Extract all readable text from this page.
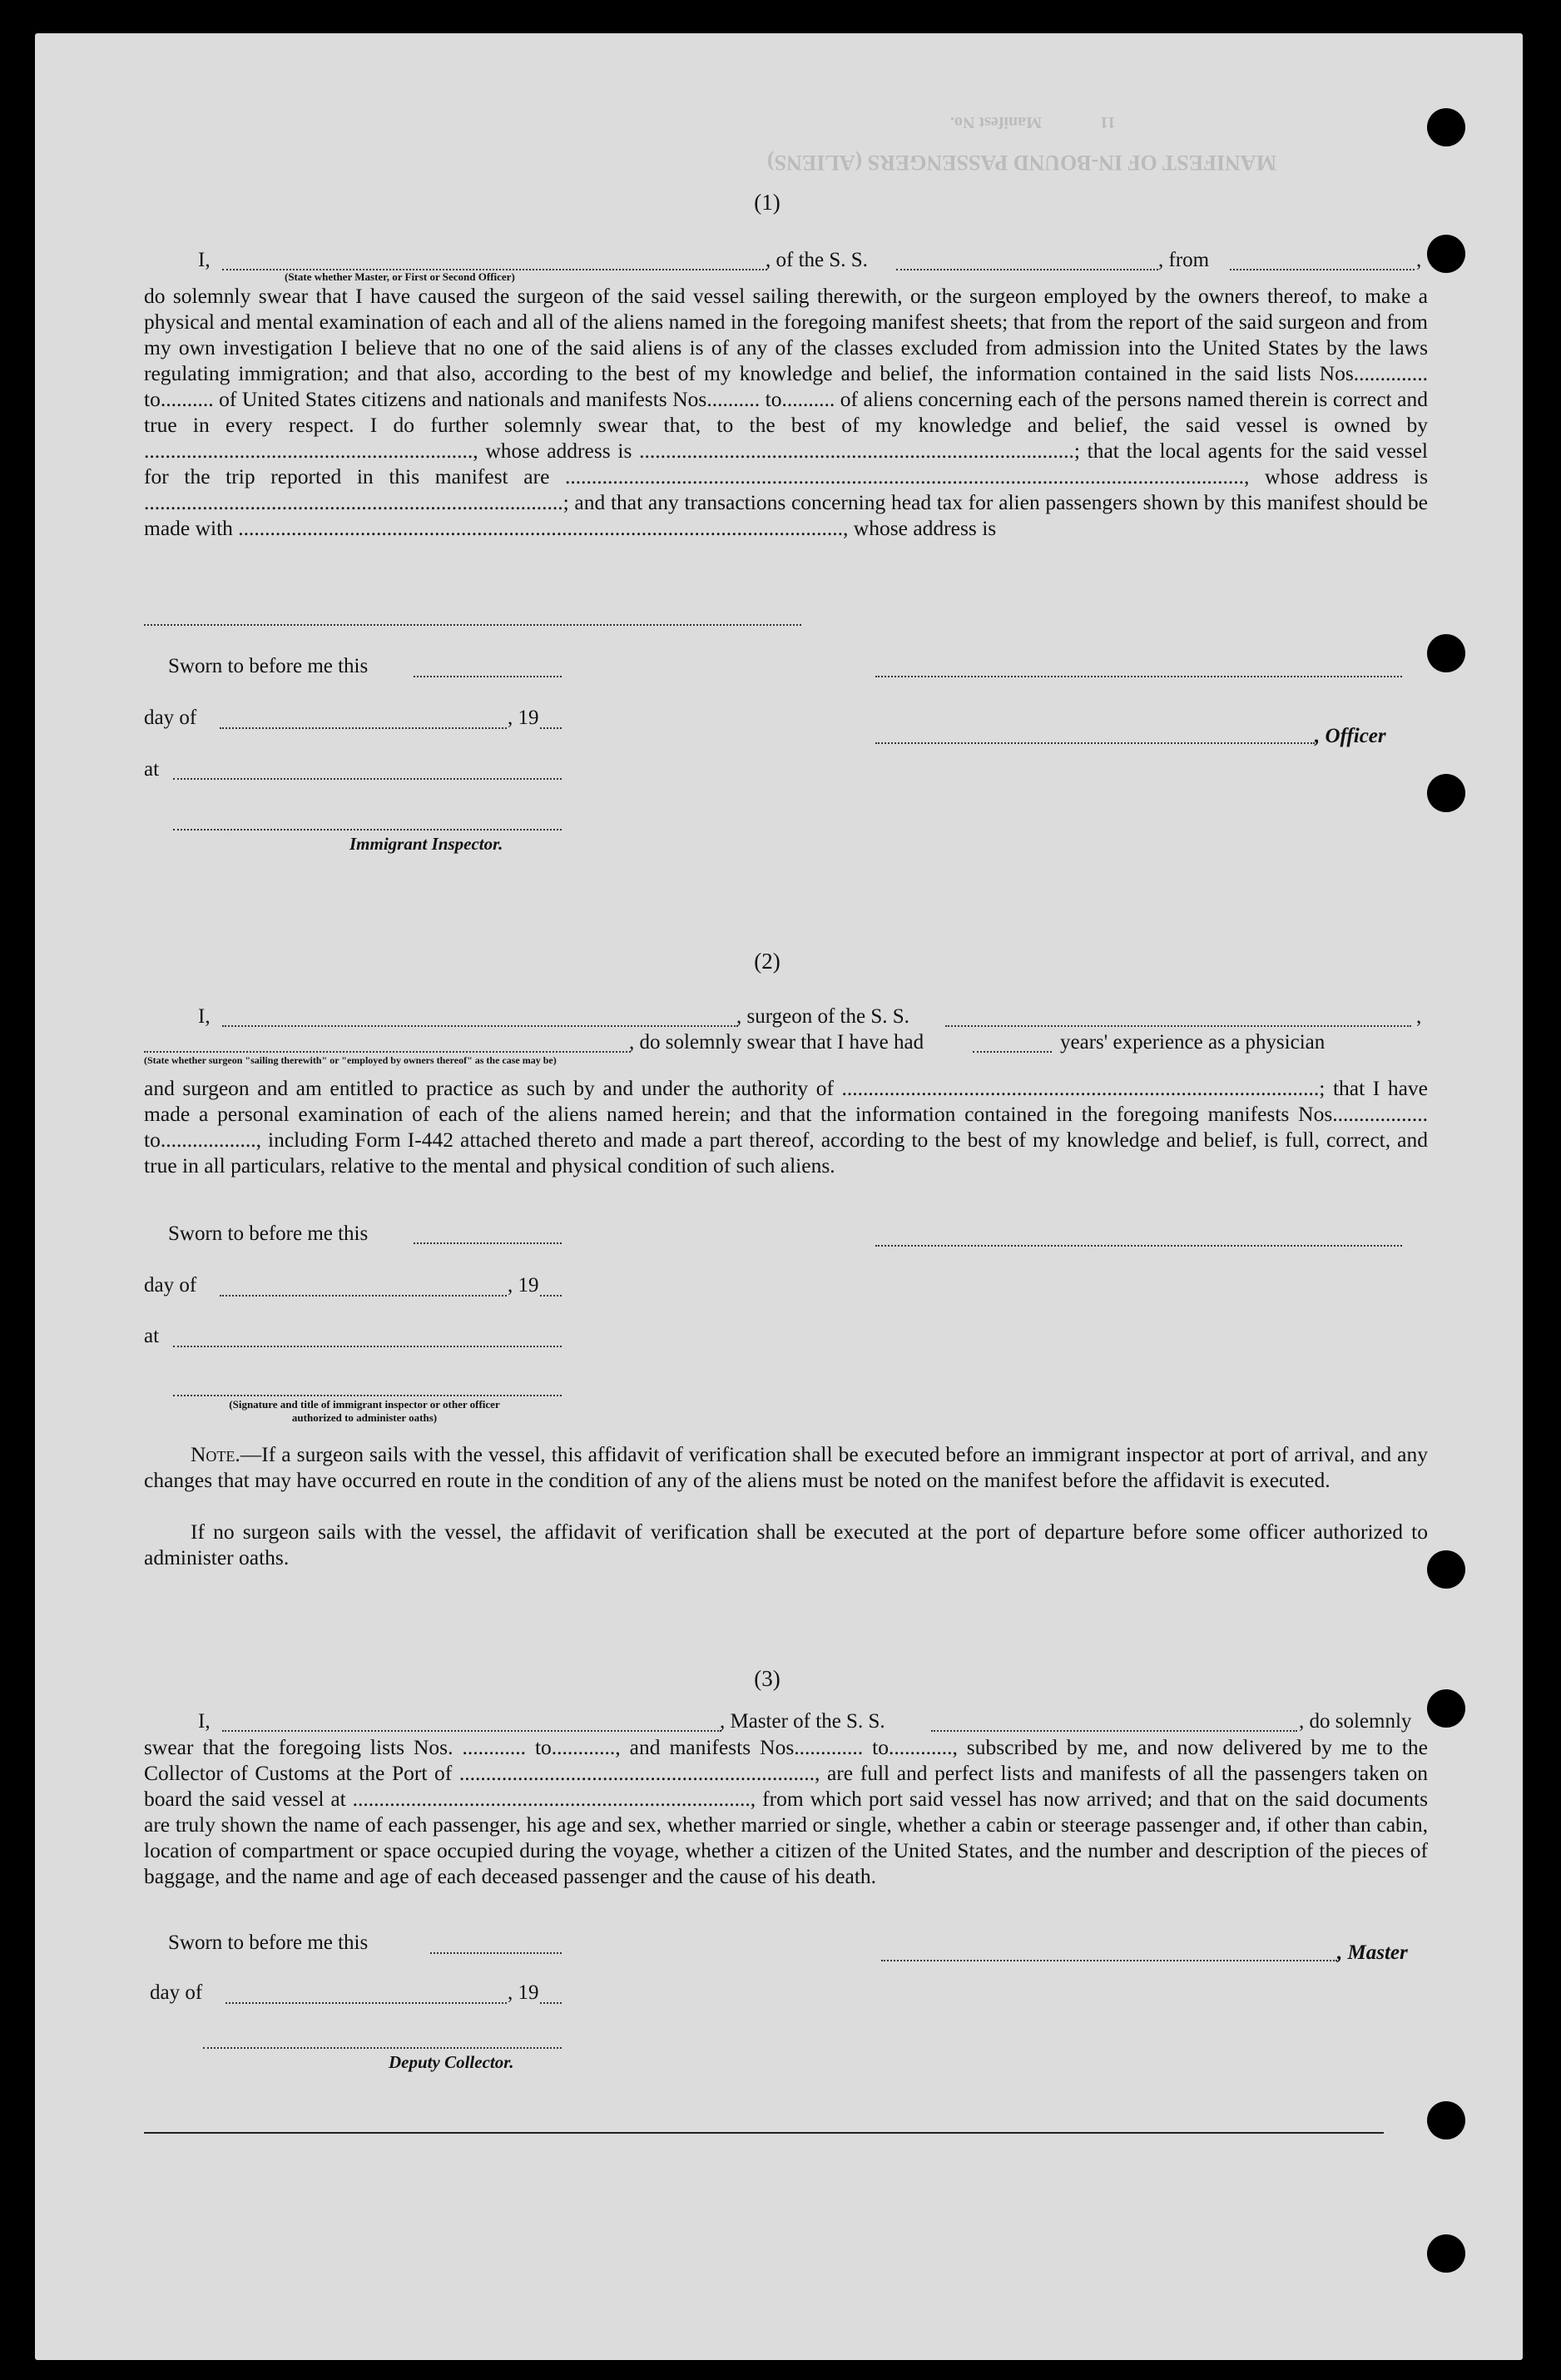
MANIFEST OF IN-BOUND PASSENGERS (ALIENS)
Manifest No.	11
(1)
I,	, of the S. S.	, from	,
(State whether Master, or First or Second Officer)
do solemnly swear that I have caused the surgeon of the said vessel sailing therewith, or the surgeon employed by the owners thereof, to make a physical and mental examination of each and all of the aliens named in the foregoing manifest sheets; that from the report of the said surgeon and from my own investigation I believe that no one of the said aliens is of any of the classes excluded from admission into the United States by the laws regulating immigration; and that also, according to the best of my knowledge and belief, the information contained in the said lists Nos.............. to.......... of United States citizens and nationals and manifests Nos.......... to.......... of aliens concerning each of the persons named therein is correct and true in every respect. I do further solemnly swear that, to the best of my knowledge and belief, the said vessel is owned by .............................................................., whose address is ..................................................................................; that the local agents for the said vessel for the trip reported in this manifest are ................................................................................................................................, whose address is ...............................................................................; and that any transactions concerning head tax for alien passengers shown by this manifest should be made with .................................................................................................................., whose address is
Sworn to before me this
day of	, 19
, Officer
at
Immigrant Inspector.
(2)
I,	, surgeon of the S. S.	,
, do solemnly swear that I have had	years' experience as a physician
(State whether surgeon "sailing therewith" or "employed by owners thereof" as the case may be)
and surgeon and am entitled to practice as such by and under the authority of ..........................................................................................; that I have made a personal examination of each of the aliens named herein; and that the information contained in the foregoing manifests Nos.................. to.................., including Form I-442 attached thereto and made a part thereof, according to the best of my knowledge and belief, is full, correct, and true in all particulars, relative to the mental and physical condition of such aliens.
Sworn to before me this
day of	, 19
at
(Signature and title of immigrant inspector or other officer authorized to administer oaths)
Note.—If a surgeon sails with the vessel, this affidavit of verification shall be executed before an immigrant inspector at port of arrival, and any changes that may have occurred en route in the condition of any of the aliens must be noted on the manifest before the affidavit is executed.
If no surgeon sails with the vessel, the affidavit of verification shall be executed at the port of departure before some officer authorized to administer oaths.
(3)
I,	, Master of the S. S.	, do solemnly
swear that the foregoing lists Nos. ............ to............, and manifests Nos............. to............, subscribed by me, and now delivered by me to the Collector of Customs at the Port of ..................................................................., are full and perfect lists and manifests of all the passengers taken on board the said vessel at ..........................................................................., from which port said vessel has now arrived; and that on the said documents are truly shown the name of each passenger, his age and sex, whether married or single, whether a cabin or steerage passenger and, if other than cabin, location of compartment or space occupied during the voyage, whether a citizen of the United States, and the number and description of the pieces of baggage, and the name and age of each deceased passenger and the cause of his death.
Sworn to before me this	, Master
day of	, 19
Deputy Collector.
